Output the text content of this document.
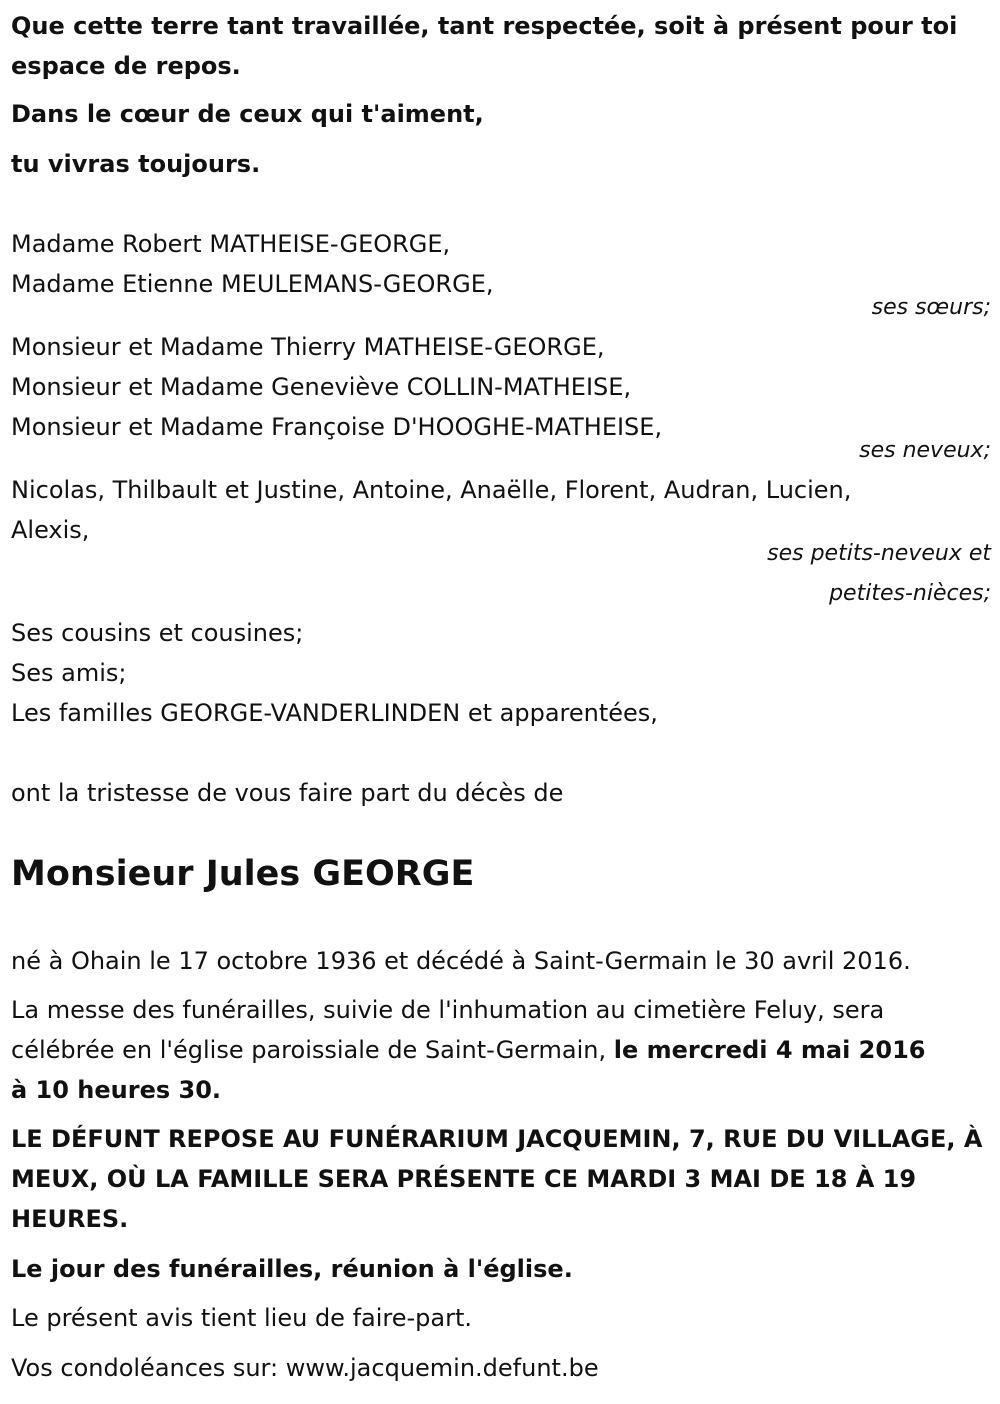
Que cette terre tant travaillée, tant respectée, soit à présent pour toi
espace de repos.
Dans le cœur de ceux qui t'aiment,
tu vivras toujours.
Madame Robert MATHEISE-GEORGE,
Madame Etienne MEULEMANS-GEORGE,
ses sœurs;
Monsieur et Madame Thierry MATHEISE-GEORGE,
Monsieur et Madame Geneviève COLLIN-MATHEISE,
Monsieur et Madame Françoise D'HOOGHE-MATHEISE,
ses neveux;
Nicolas, Thilbault et Justine, Antoine, Anaëlle, Florent, Audran, Lucien,
Alexis,
ses petits-neveux et
petites-nièces;
Ses cousins et cousines;
Ses amis;
Les familles GEORGE-VANDERLINDEN et apparentées,
ont la tristesse de vous faire part du décès de
Monsieur Jules GEORGE
né à Ohain le 17 octobre 1936 et décédé à Saint-Germain le 30 avril 2016.
La messe des funérailles, suivie de l'inhumation au cimetière Feluy, sera
célébrée en l'église paroissiale de Saint-Germain, le mercredi 4 mai 2016
à 10 heures 30.
LE DÉFUNT REPOSE AU FUNÉRARIUM JACQUEMIN, 7, RUE DU VILLAGE, À
MEUX, OÙ LA FAMILLE SERA PRÉSENTE CE MARDI 3 MAI DE 18 À 19
HEURES.
Le jour des funérailles, réunion à l'église.
Le présent avis tient lieu de faire-part.
Vos condoléances sur: www.jacquemin.defunt.be
